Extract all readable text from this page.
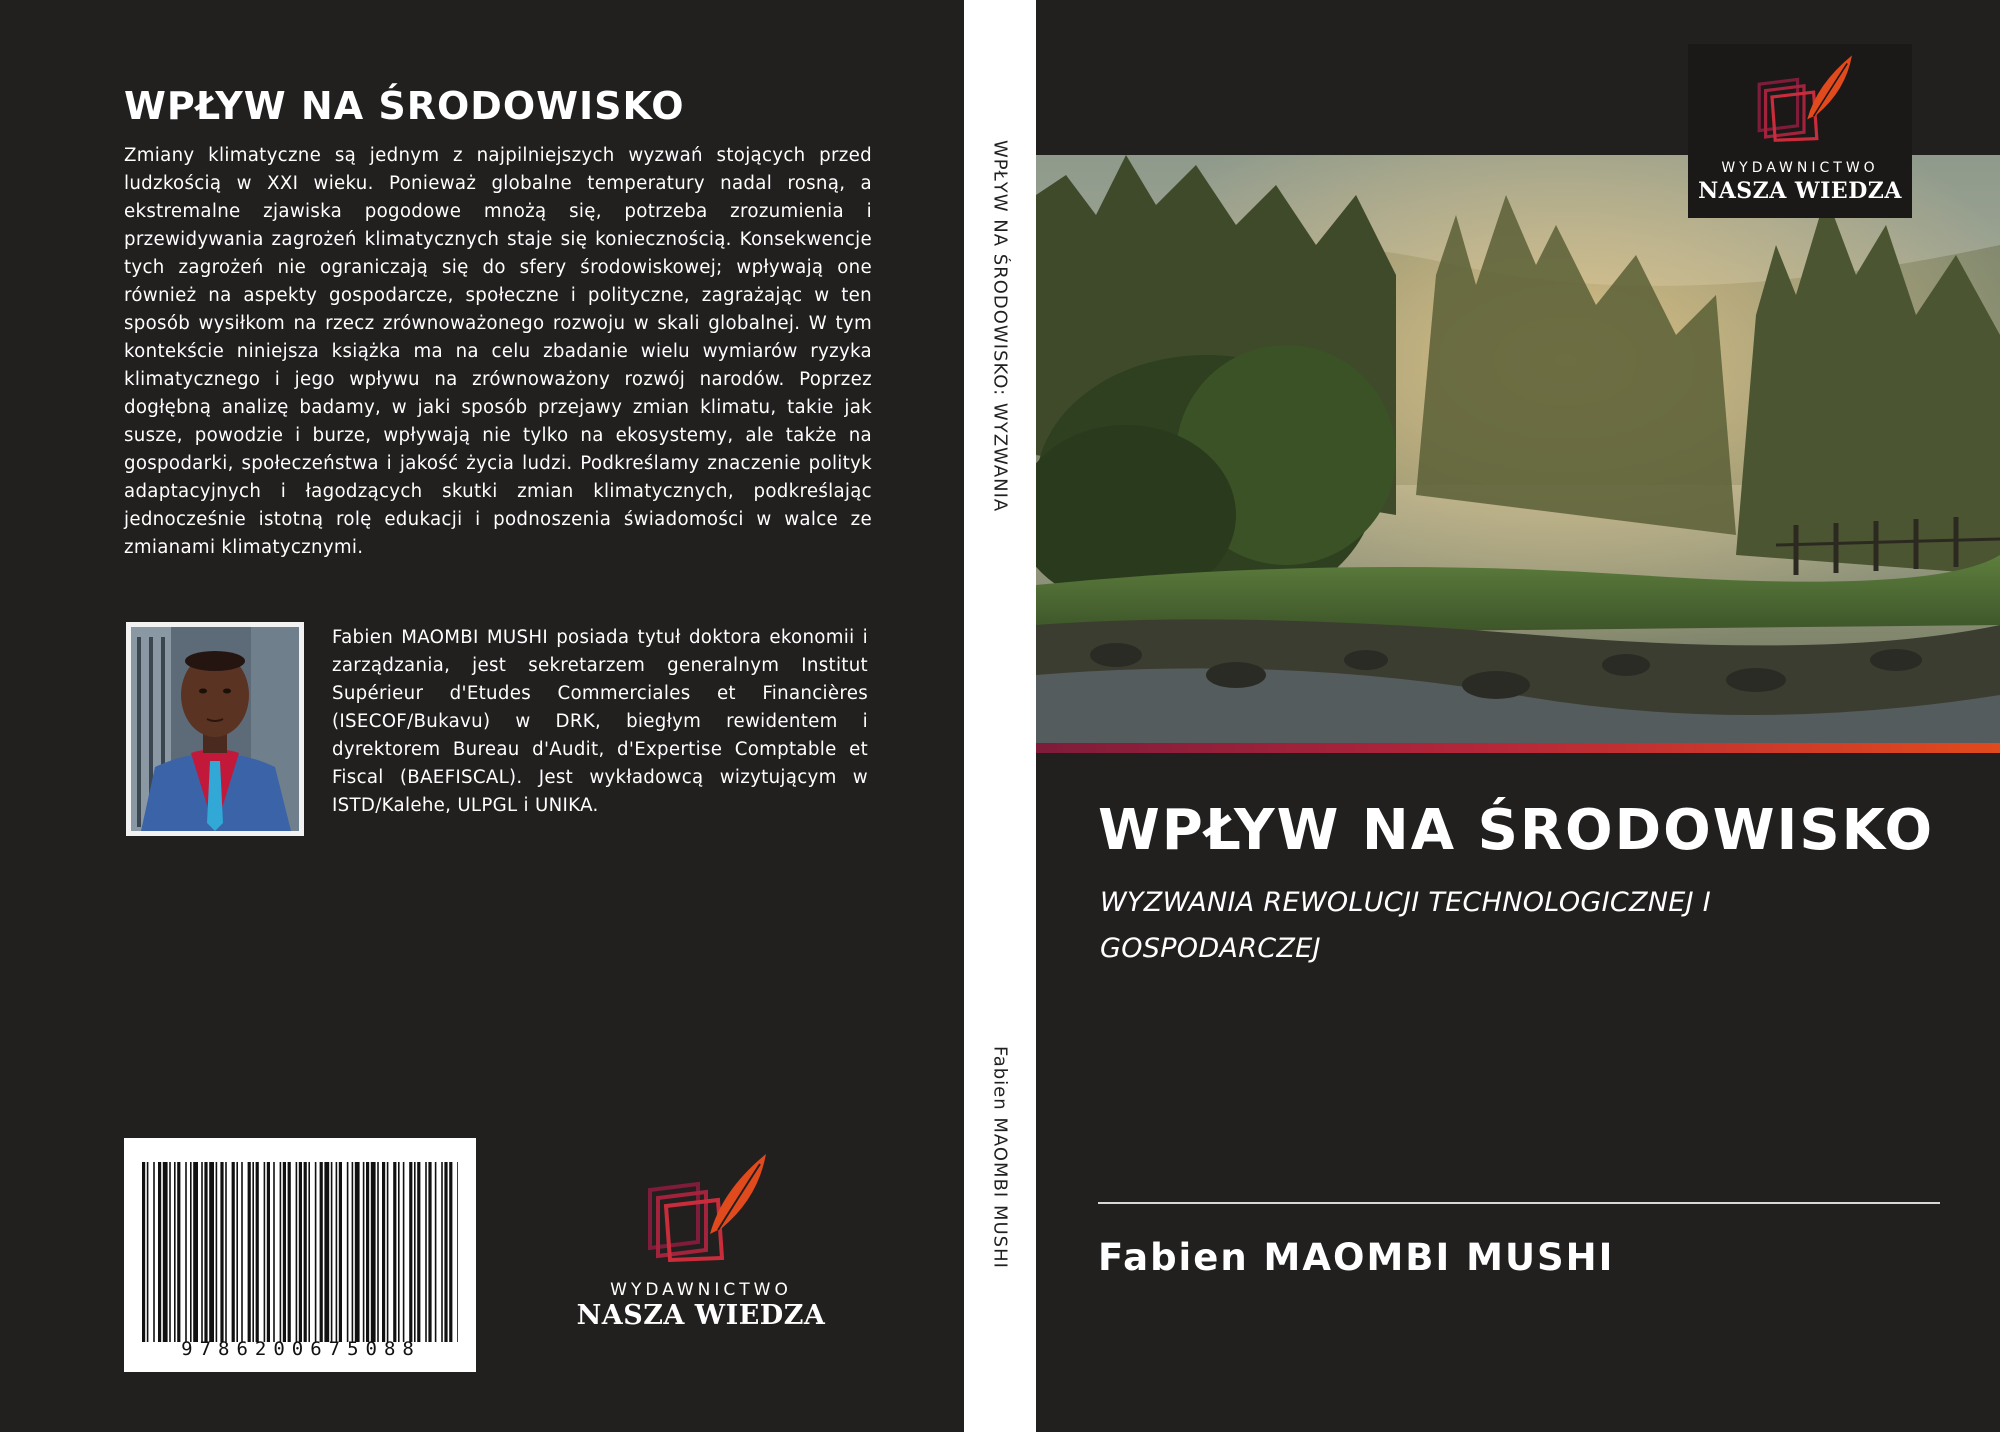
WPŁYW NA ŚRODOWISKO

Zmiany klimatyczne są jednym z najpilniejszych wyzwań stojących przed ludzkością w XXI wieku. Ponieważ globalne temperatury nadal rosną, a ekstremalne zjawiska pogodowe mnożą się, potrzeba zrozumienia i przewidywania zagrożeń klimatycznych staje się koniecznością. Konsekwencje tych zagrożeń nie ograniczają się do sfery środowiskowej; wpływają one również na aspekty gospodarcze, społeczne i polityczne, zagrażając w ten sposób wysiłkom na rzecz zrównoważonego rozwoju w skali globalnej. W tym kontekście niniejsza książka ma na celu zbadanie wielu wymiarów ryzyka klimatycznego i jego wpływu na zrównoważony rozwój narodów. Poprzez dogłębną analizę badamy, w jaki sposób przejawy zmian klimatu, takie jak susze, powodzie i burze, wpływają nie tylko na ekosystemy, ale także na gospodarki, społeczeństwa i jakość życia ludzi. Podkreślamy znaczenie polityk adaptacyjnych i łagodzących skutki zmian klimatycznych, podkreślając jednocześnie istotną rolę edukacji i podnoszenia świadomości w walce ze zmianami klimatycznymi.

Fabien MAOMBI MUSHI posiada tytuł doktora ekonomii i zarządzania, jest sekretarzem generalnym Institut Supérieur d'Etudes Commerciales et Financières (ISECOF/Bukavu) w DRK, biegłym rewidentem i dyrektorem Bureau d'Audit, d'Expertise Comptable et Fiscal (BAEFISCAL). Jest wykładowcą wizytującym w ISTD/Kalehe, ULPGL i UNIKA.

9786200675088
WYDAWNICTWO
NASZA WIEDZA
WPŁYW NA ŚRODOWISKO: WYZWANIA
Fabien MAOMBI MUSHI
WYDAWNICTWO
NASZA WIEDZA
WPŁYW NA ŚRODOWISKO

WYZWANIA REWOLUCJI TECHNOLOGICZNEJ I GOSPODARCZEJ

Fabien MAOMBI MUSHI
